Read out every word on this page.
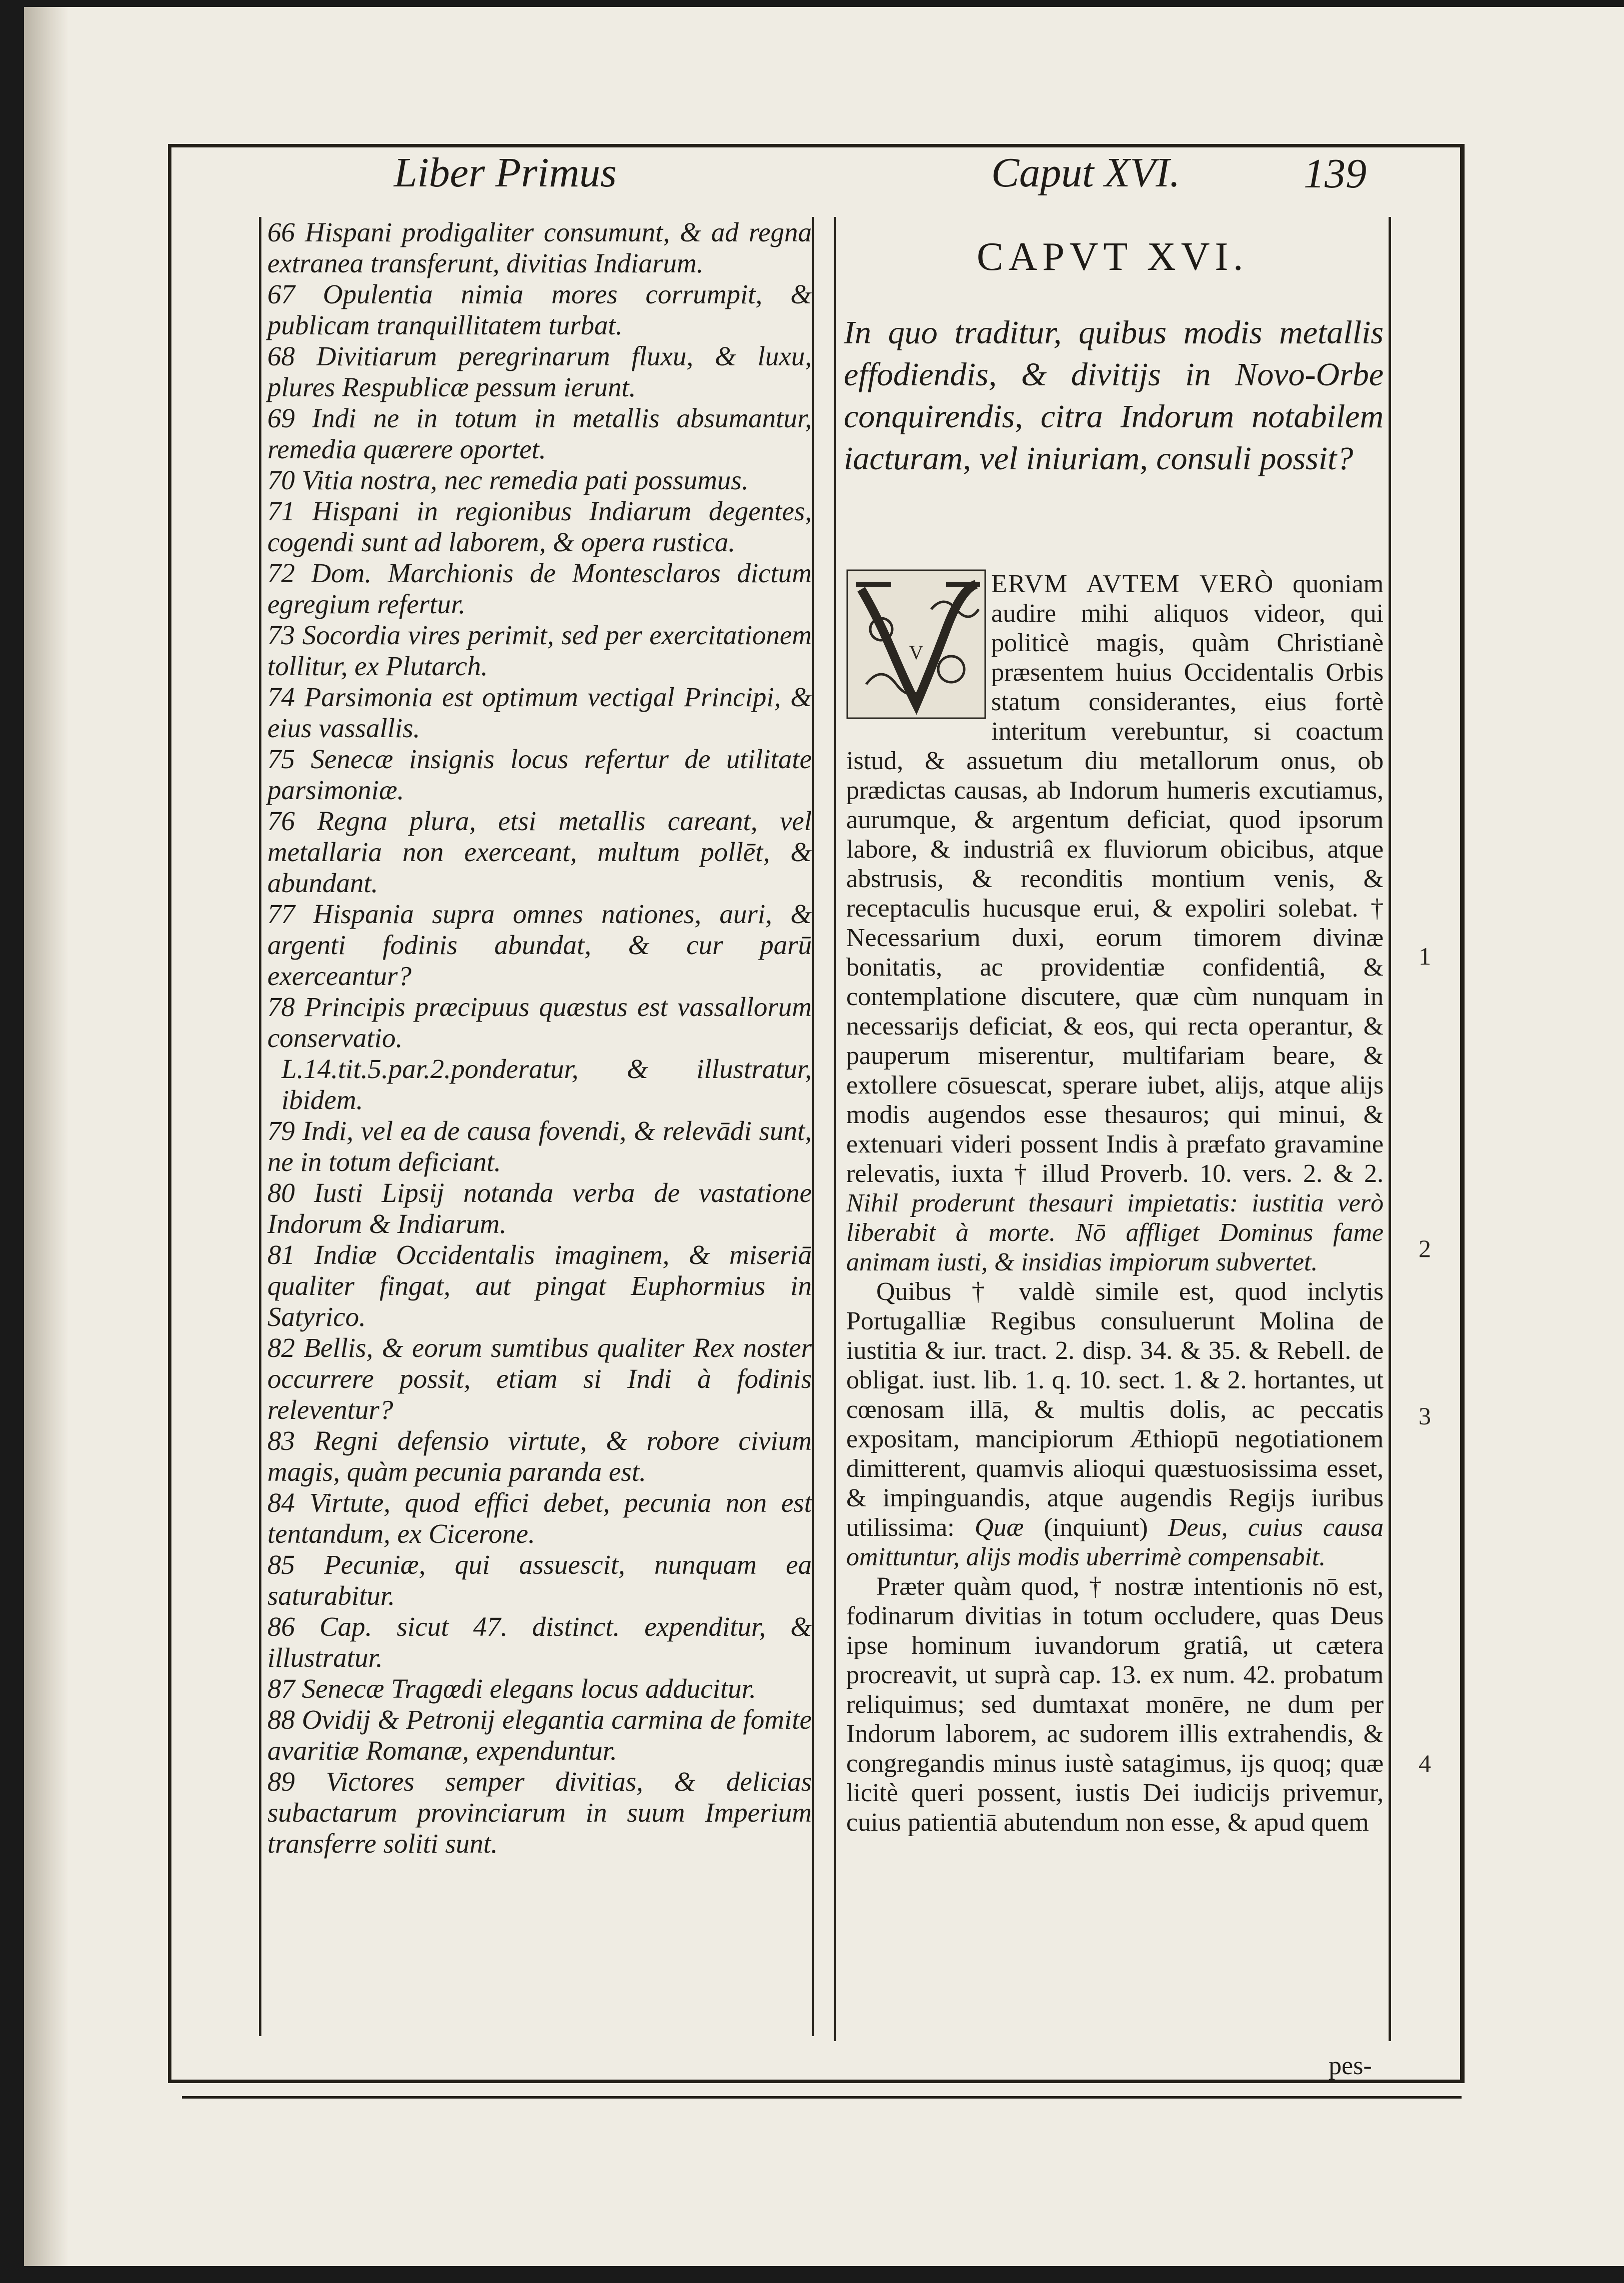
Liber Primus	Caput XVI.	139

66 Hispani prodigaliter consumunt, & ad regna extranea transferunt, divitias Indiarum.

67 Opulentia nimia mores corrumpit, & publicam tranquillitatem turbat.

68 Divitiarum peregrinarum fluxu, & luxu, plures Respublicæ pessum ierunt.

69 Indi ne in totum in metallis absumantur, remedia quærere oportet.

70 Vitia nostra, nec remedia pati possumus.

71 Hispani in regionibus Indiarum degentes, cogendi sunt ad laborem, & opera rustica.

72 Dom. Marchionis de Montesclaros dictum egregium refertur.

73 Socordia vires perimit, sed per exercitationem tollitur, ex Plutarch.

74 Parsimonia est optimum vectigal Principi, & eius vassallis.

75 Senecæ insignis locus refertur de utilitate parsimoniæ.

76 Regna plura, etsi metallis careant, vel metallaria non exerceant, multum pollēt, & abundant.

77 Hispania supra omnes nationes, auri, & argenti fodinis abundat, & cur parū exerceantur?

78 Principis præcipuus quæstus est vassallorum conservatio.

L.14.tit.5.par.2.ponderatur, & illustratur, ibidem.

79 Indi, vel ea de causa fovendi, & relevādi sunt, ne in totum deficiant.

80 Iusti Lipsij notanda verba de vastatione Indorum & Indiarum.

81 Indiæ Occidentalis imaginem, & miseriā qualiter fingat, aut pingat Euphormius in Satyrico.

82 Bellis, & eorum sumtibus qualiter Rex noster occurrere possit, etiam si Indi à fodinis releventur?

83 Regni defensio virtute, & robore civium magis, quàm pecunia paranda est.

84 Virtute, quod effici debet, pecunia non est tentandum, ex Cicerone.

85 Pecuniæ, qui assuescit, nunquam ea saturabitur.

86 Cap. sicut 47. distinct. expenditur, & illustratur.

87 Senecæ Tragœdi elegans locus adducitur.

88 Ovidij & Petronij elegantia carmina de fomite avaritiæ Romanæ, expenduntur.

89 Victores semper divitias, & delicias subactarum provinciarum in suum Imperium transferre soliti sunt.

CAPVT XVI.
In quo traditur, quibus modis metallis effodiendis, & divitijs in Novo-Orbe conquirendis, citra Indorum notabilem iacturam, vel iniuriam, consuli possit?

V
ERVM AVTEM VERÒ quoniam audire mihi aliquos videor, qui politicè magis, quàm Christianè præsentem huius Occidentalis Orbis statum considerantes, eius fortè interitum verebuntur, si coactum istud, & assuetum diu metallorum onus, ob prædictas causas, ab Indorum humeris excutiamus, aurumque, & argentum deficiat, quod ipsorum labore, & industriâ ex fluviorum obicibus, atque abstrusis, & reconditis montium venis, & receptaculis hucusque erui, & expoliri solebat. † Necessarium duxi, eorum timorem divinæ bonitatis, ac providentiæ confidentiâ, & contemplatione discutere, quæ cùm nunquam in necessarijs deficiat, & eos, qui recta operantur, & pauperum miserentur, multifariam beare, & extollere cōsuescat, sperare iubet, alijs, atque alijs modis augendos esse thesauros; qui minui, & extenuari videri possent Indis à præfato gravamine relevatis, iuxta † illud Proverb. 10. vers. 2. & 2. Nihil proderunt thesauri impietatis: iustitia verò liberabit à morte. Nō affliget Dominus fame animam iusti, & insidias impiorum subvertet.

Quibus † valdè simile est, quod inclytis Portugalliæ Regibus consuluerunt Molina de iustitia & iur. tract. 2. disp. 34. & 35. & Rebell. de obligat. iust. lib. 1. q. 10. sect. 1. & 2. hortantes, ut cœnosam illā, & multis dolis, ac peccatis expositam, mancipiorum Æthiopū negotiationem dimitterent, quamvis alioqui quæstuosissima esset, & impinguandis, atque augendis Regijs iuribus utilissima: Quæ (inquiunt) Deus, cuius causa omittuntur, alijs modis uberrimè compensabit.

Præter quàm quod, † nostræ intentionis nō est, fodinarum divitias in totum occludere, quas Deus ipse hominum iuvandorum gratiâ, ut cætera procreavit, ut suprà cap. 13. ex num. 42. probatum reliquimus; sed dumtaxat monēre, ne dum per Indorum laborem, ac sudorem illis extrahendis, & congregandis minus iustè satagimus, ijs quoq; quæ licitè queri possent, iustis Dei iudicijs privemur, cuius patientiā abutendum non esse, & apud quem

pes-
1
2
3
4
